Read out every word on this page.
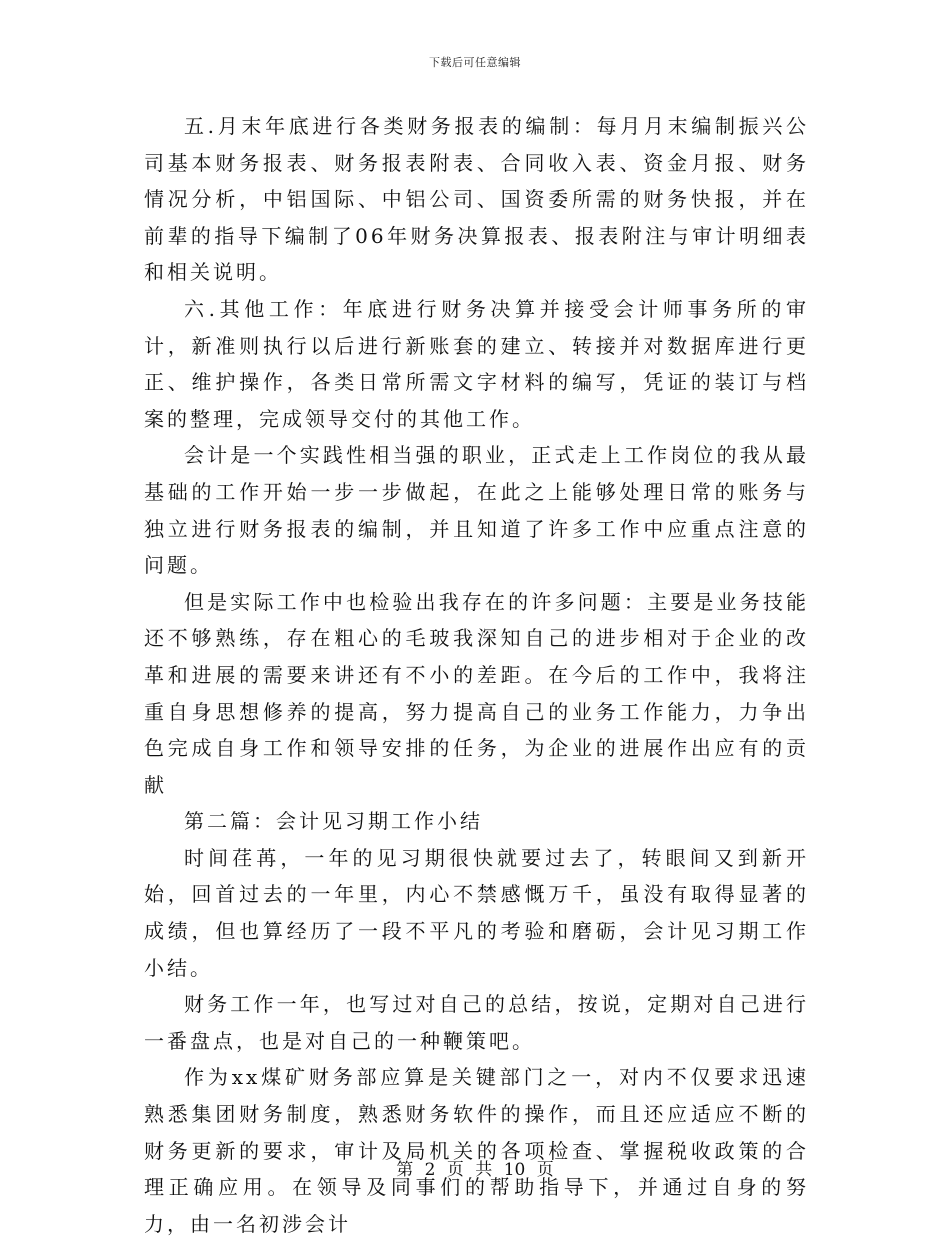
下载后可任意编辑

五.月末年底进行各类财务报表的编制：每月月末编制振兴公司基本财务报表、财务报表附表、合同收入表、资金月报、财务情况分析，中铝国际、中铝公司、国资委所需的财务快报，并在前辈的指导下编制了06年财务决算报表、报表附注与审计明细表和相关说明。

六.其他工作：年底进行财务决算并接受会计师事务所的审计，新准则执行以后进行新账套的建立、转接并对数据库进行更正、维护操作，各类日常所需文字材料的编写，凭证的装订与档案的整理，完成领导交付的其他工作。

会计是一个实践性相当强的职业，正式走上工作岗位的我从最基础的工作开始一步一步做起，在此之上能够处理日常的账务与独立进行财务报表的编制，并且知道了许多工作中应重点注意的问题。

但是实际工作中也检验出我存在的许多问题：主要是业务技能还不够熟练，存在粗心的毛玻我深知自己的进步相对于企业的改革和进展的需要来讲还有不小的差距。在今后的工作中，我将注重自身思想修养的提高，努力提高自己的业务工作能力，力争出色完成自身工作和领导安排的任务，为企业的进展作出应有的贡献

第二篇：会计见习期工作小结

时间荏苒，一年的见习期很快就要过去了，转眼间又到新开始，回首过去的一年里，内心不禁感慨万千，虽没有取得显著的成绩，但也算经历了一段不平凡的考验和磨砺，会计见习期工作小结。

财务工作一年，也写过对自己的总结，按说，定期对自己进行一番盘点，也是对自己的一种鞭策吧。

作为xx煤矿财务部应算是关键部门之一，对内不仅要求迅速熟悉集团财务制度，熟悉财务软件的操作，而且还应适应不断的财务更新的要求，审计及局机关的各项检查、掌握税收政策的合理正确应用。在领导及同事们的帮助指导下，并通过自身的努力，由一名初涉会计

第 2 页 共 10 页
